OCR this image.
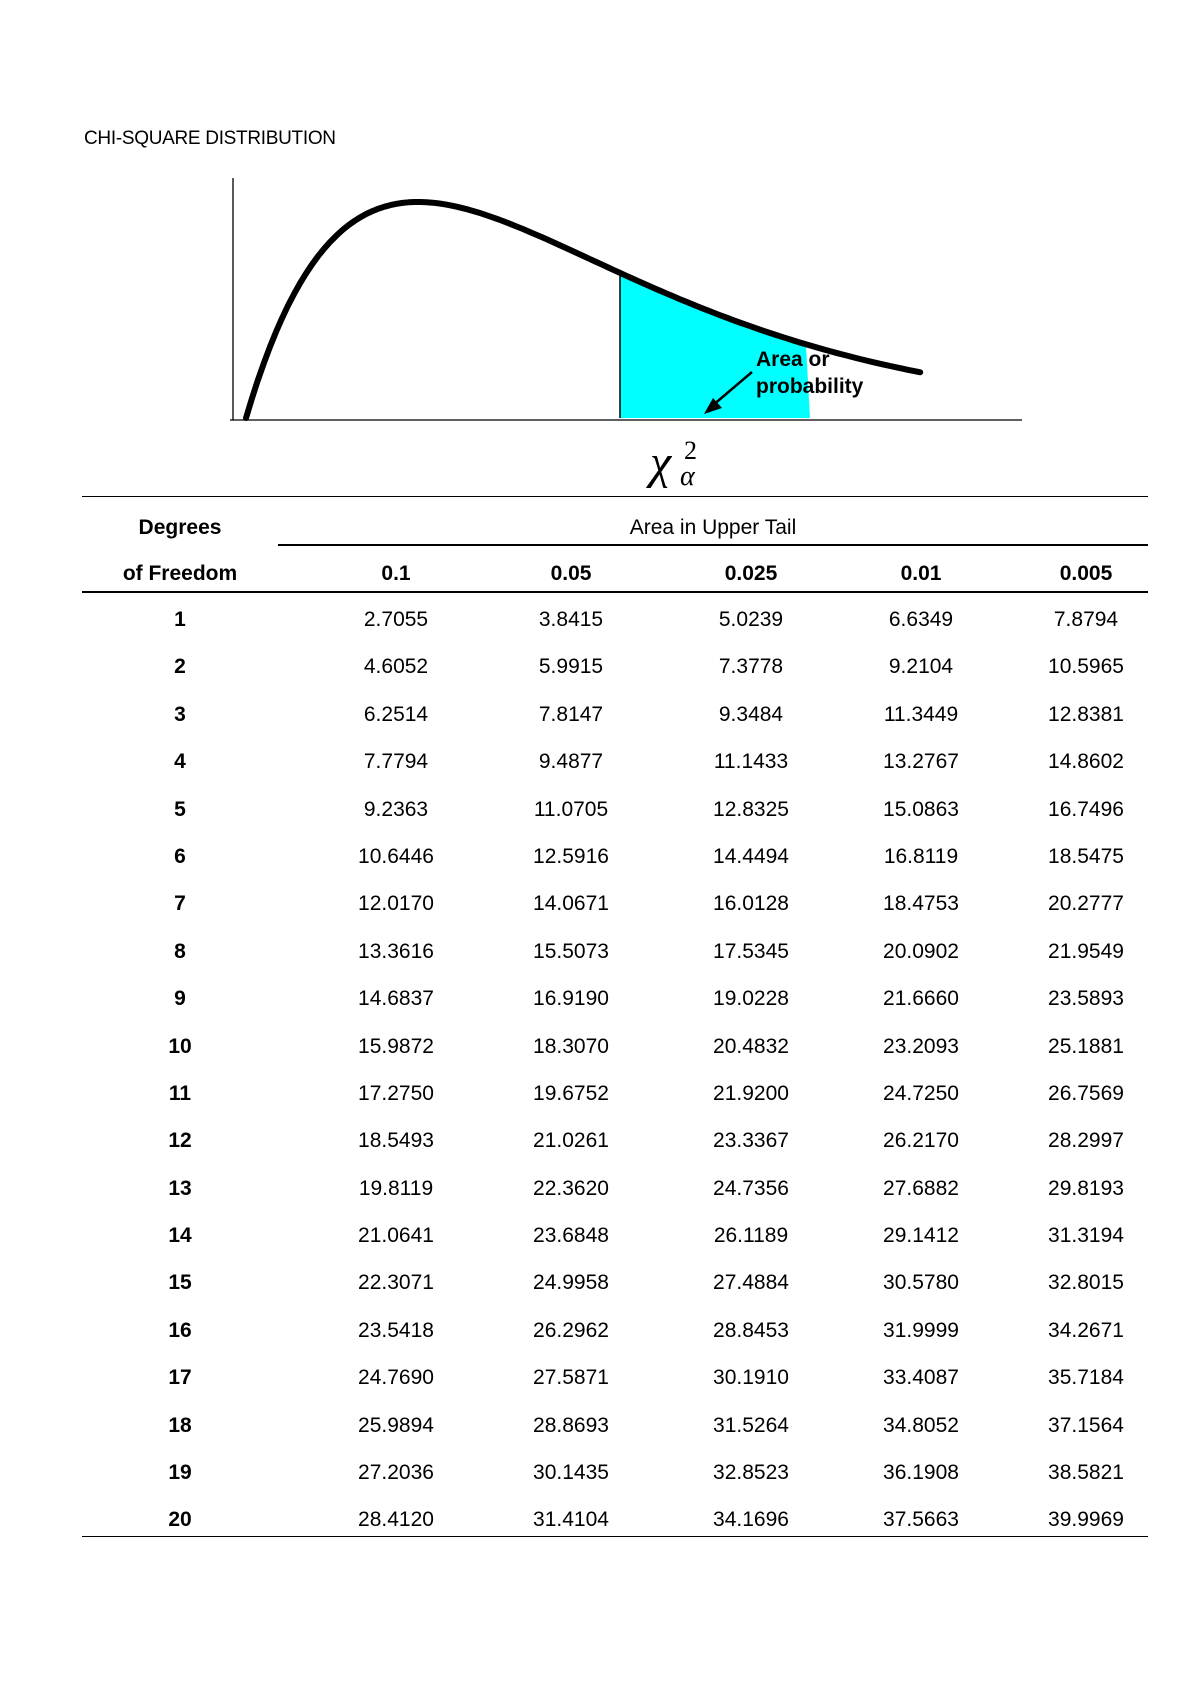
CHI-SQUARE DISTRIBUTION
Area or
probability
χ 2
α
Degrees	Area in Upper Tail
of Freedom	0.1	0.05	0.025	0.01	0.005
1	2.7055	3.8415	5.0239	6.6349	7.8794
2	4.6052	5.9915	7.3778	9.2104	10.5965
3	6.2514	7.8147	9.3484	11.3449	12.8381
4	7.7794	9.4877	11.1433	13.2767	14.8602
5	9.2363	11.0705	12.8325	15.0863	16.7496
6	10.6446	12.5916	14.4494	16.8119	18.5475
7	12.0170	14.0671	16.0128	18.4753	20.2777
8	13.3616	15.5073	17.5345	20.0902	21.9549
9	14.6837	16.9190	19.0228	21.6660	23.5893
10	15.9872	18.3070	20.4832	23.2093	25.1881
11	17.2750	19.6752	21.9200	24.7250	26.7569
12	18.5493	21.0261	23.3367	26.2170	28.2997
13	19.8119	22.3620	24.7356	27.6882	29.8193
14	21.0641	23.6848	26.1189	29.1412	31.3194
15	22.3071	24.9958	27.4884	30.5780	32.8015
16	23.5418	26.2962	28.8453	31.9999	34.2671
17	24.7690	27.5871	30.1910	33.4087	35.7184
18	25.9894	28.8693	31.5264	34.8052	37.1564
19	27.2036	30.1435	32.8523	36.1908	38.5821
20	28.4120	31.4104	34.1696	37.5663	39.9969
